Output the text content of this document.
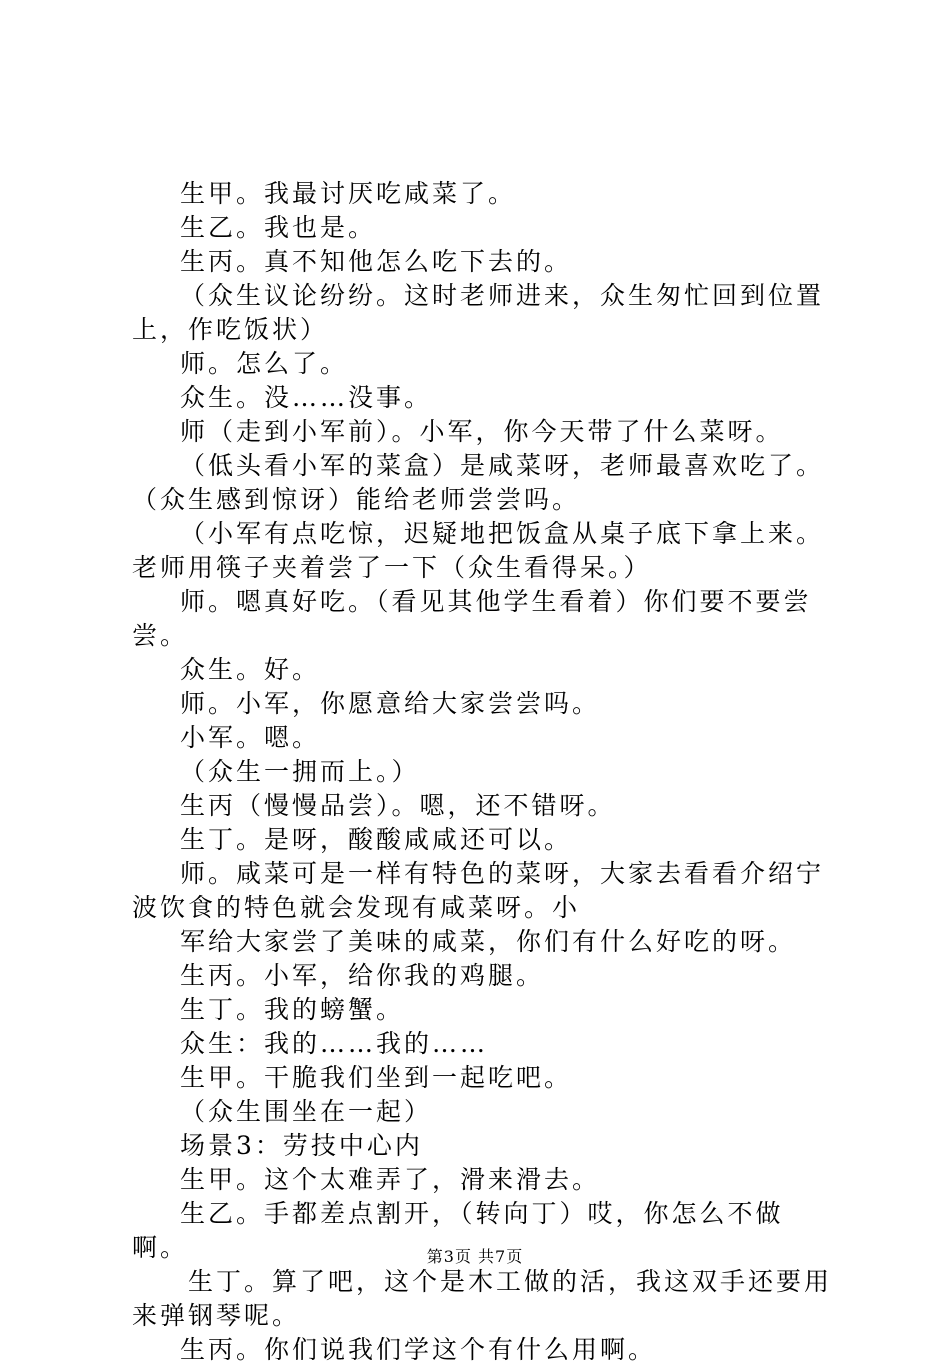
生甲。我最讨厌吃咸菜了。

生乙。我也是。

生丙。真不知他怎么吃下去的。

（众生议论纷纷。这时老师进来，众生匆忙回到位置上，作吃饭状）

师。怎么了。

众生。没……没事。

师（走到小军前）。小军，你今天带了什么菜呀。

（低头看小军的菜盒）是咸菜呀，老师最喜欢吃了。（众生感到惊讶）能给老师尝尝吗。

（小军有点吃惊，迟疑地把饭盒从桌子底下拿上来。老师用筷子夹着尝了一下（众生看得呆。）

师。嗯真好吃。（看见其他学生看着）你们要不要尝尝。

众生。好。

师。小军，你愿意给大家尝尝吗。

小军。嗯。

（众生一拥而上。）

生丙（慢慢品尝）。嗯，还不错呀。

生丁。是呀，酸酸咸咸还可以。

师。咸菜可是一样有特色的菜呀，大家去看看介绍宁波饮食的特色就会发现有咸菜呀。小

军给大家尝了美味的咸菜，你们有什么好吃的呀。

生丙。小军，给你我的鸡腿。

生丁。我的螃蟹。

众生：我的……我的……

生甲。干脆我们坐到一起吃吧。

（众生围坐在一起）

场景3：劳技中心内

生甲。这个太难弄了，滑来滑去。

生乙。手都差点割开，（转向丁）哎，你怎么不做啊。

生丁。算了吧，这个是木工做的活，我这双手还要用来弹钢琴呢。

生丙。你们说我们学这个有什么用啊。

第3页 共7页
